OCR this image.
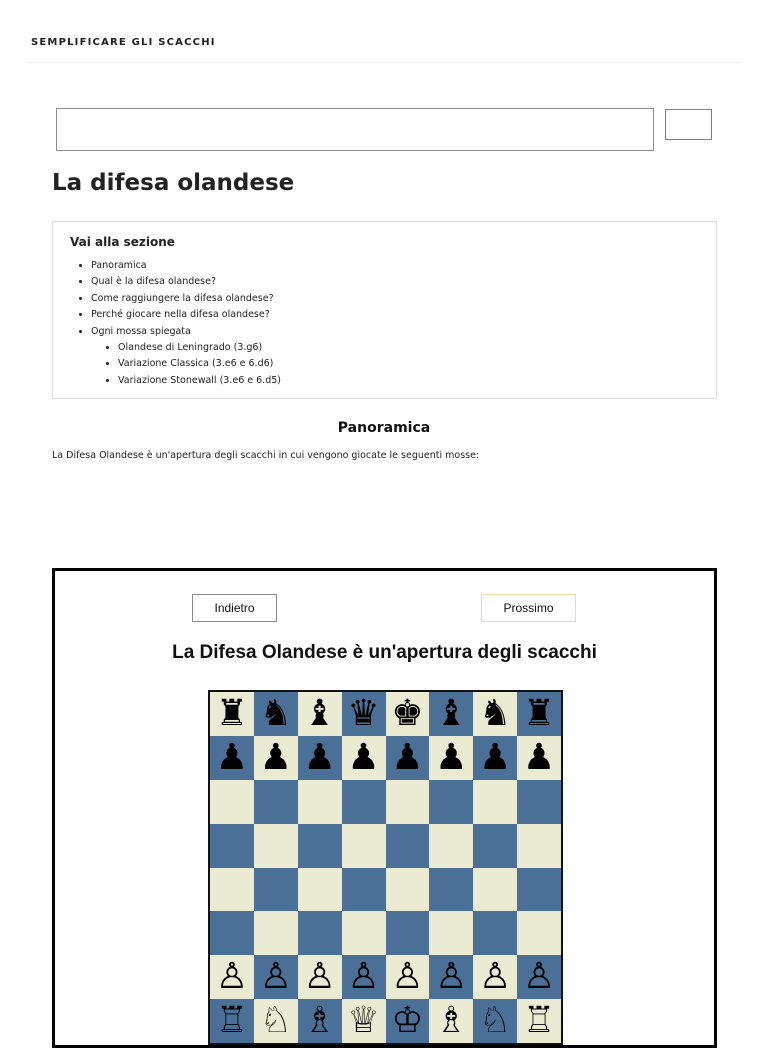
SEMPLIFICARE GLI SCACCHI
La difesa olandese
Vai alla sezione
• Panoramica
• Qual è la difesa olandese?
• Come raggiungere la difesa olandese?
• Perché giocare nella difesa olandese?
• Ogni mossa spiegata
• Olandese di Leningrado (3.g6)
• Variazione Classica (3.e6 e 6.d6)
• Variazione Stonewall (3.e6 e 6.d5)
Panoramica

La Difesa Olandese è un'apertura degli scacchi in cui vengono giocate le seguenti mosse:

Indietro	Prossimo
La Difesa Olandese è un'apertura degli scacchi
♜ ♞ ♝ ♛ ♚ ♝ ♞ ♜
♟ ♟ ♟ ♟ ♟ ♟ ♟ ♟
♙ ♙ ♙ ♙ ♙ ♙ ♙ ♙
♖ ♘ ♗ ♕ ♔ ♗ ♘ ♖
